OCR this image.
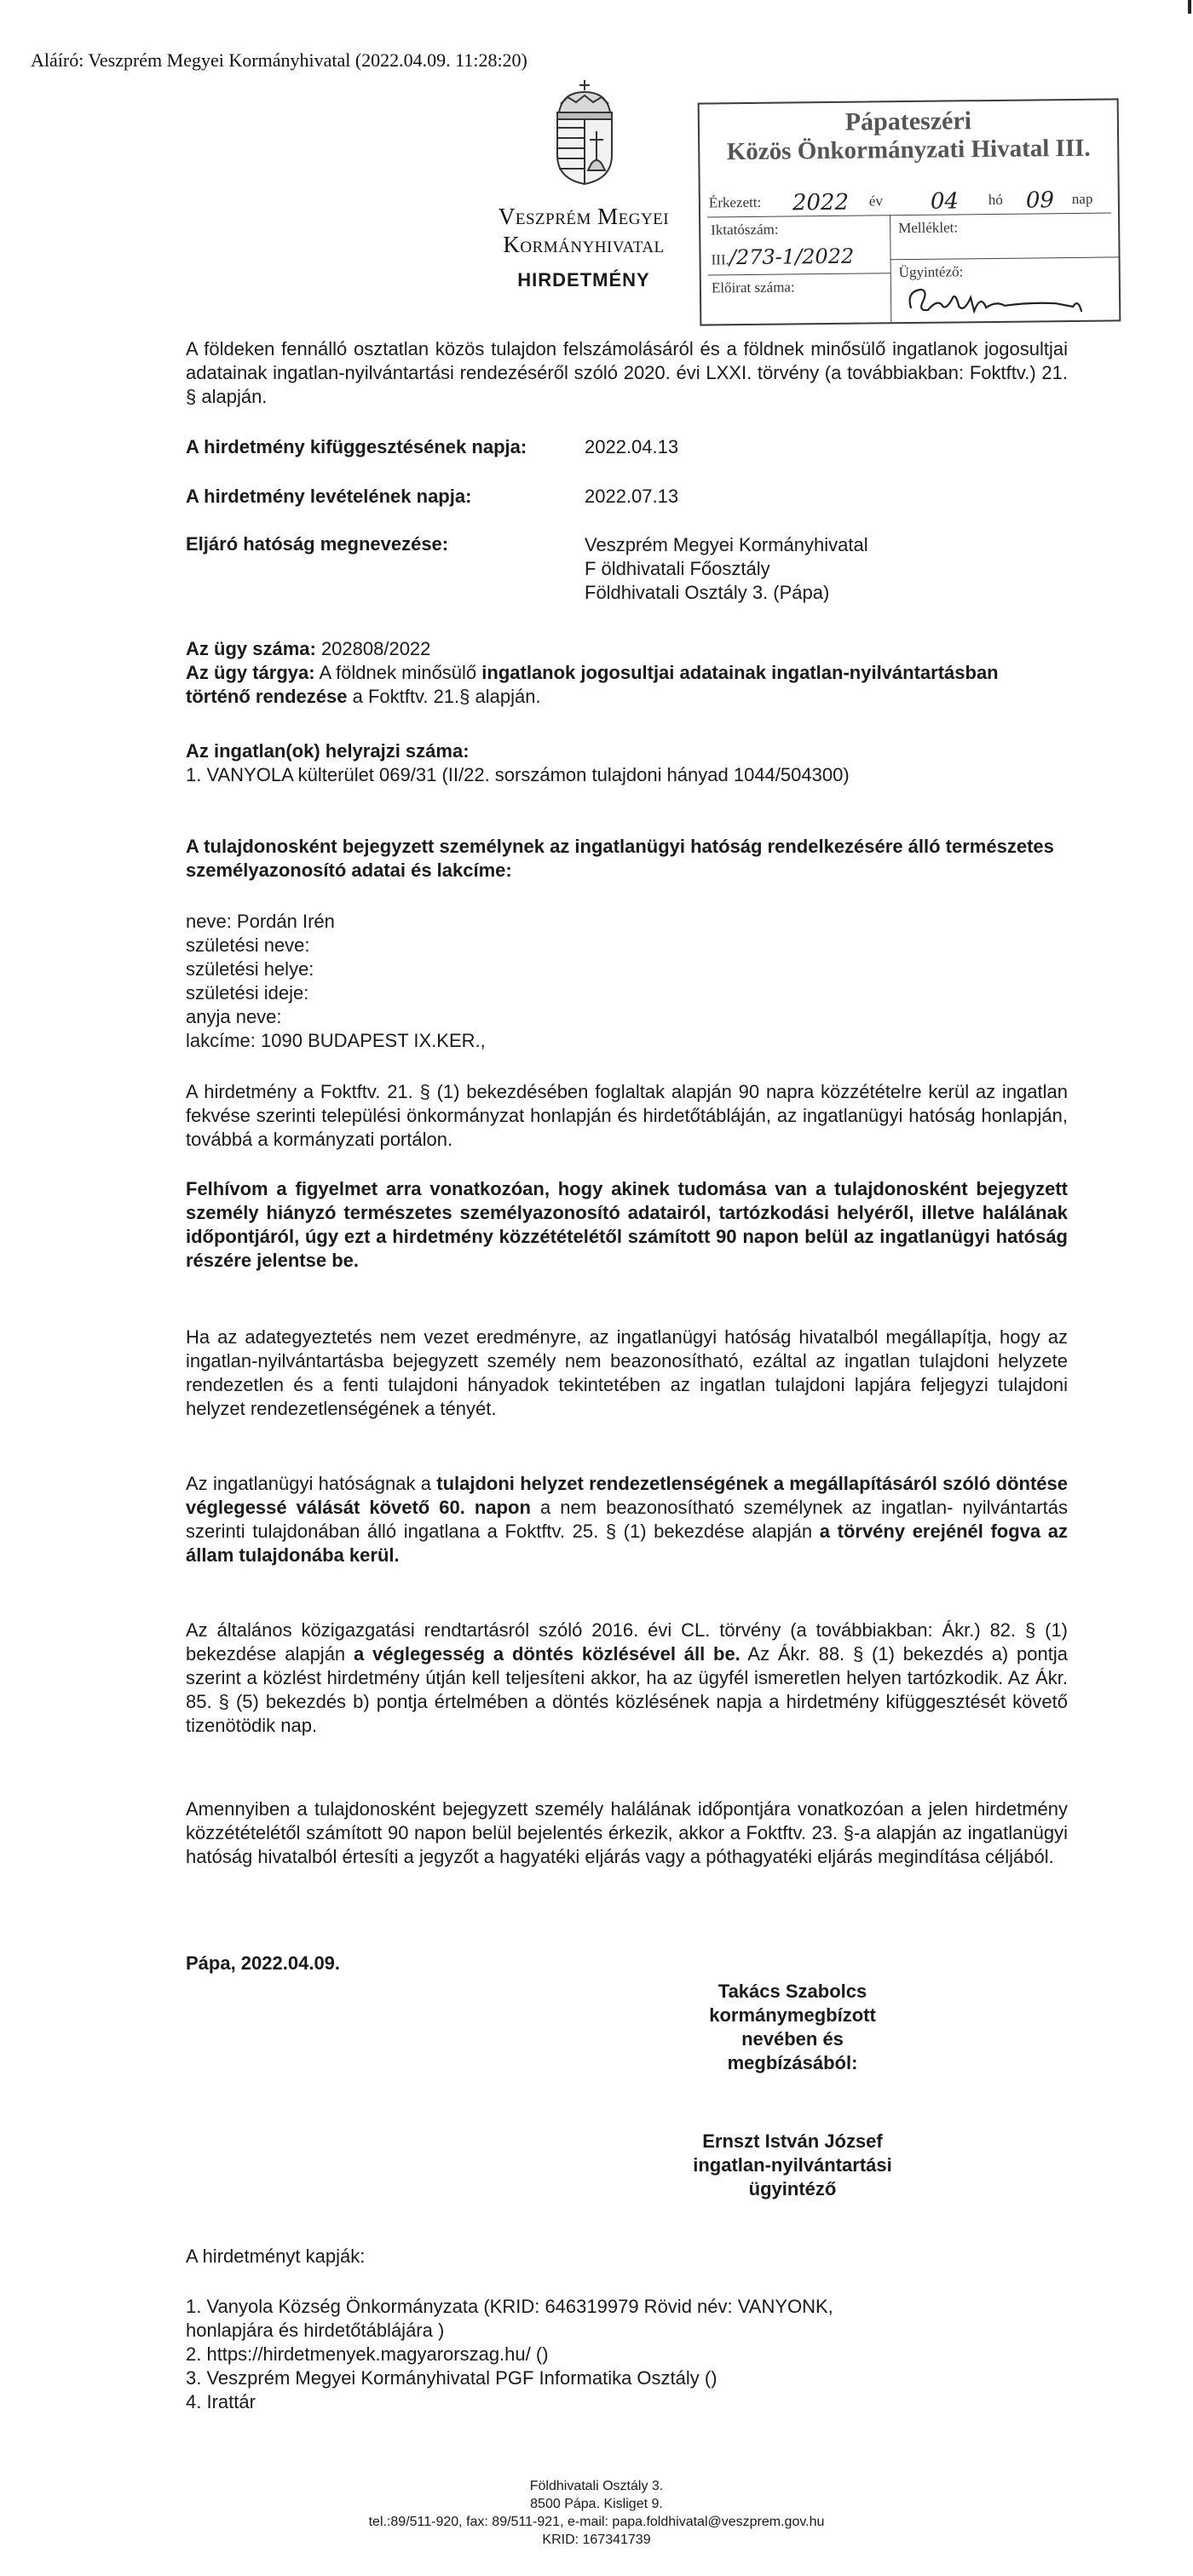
Aláíró: Veszprém Megyei Kormányhivatal (2022.04.09. 11:28:20)
Veszprém Megyei
Kormányhivatal
HIRDETMÉNY
Pápateszéri
Közös Önkormányzati Hivatal III.
Érkezett: 2022 év 04 hó 09 nap
Iktatószám:
III./273-1/2022
Előirat száma:
Melléklet:
Ügyintéző:
A földeken fennálló osztatlan közös tulajdon felszámolásáról és a földnek minősülő ingatlanok jogosultjai adatainak ingatlan-nyilvántartási rendezéséről szóló 2020. évi LXXI. törvény (a továbbiakban: Foktftv.) 21. § alapján.
A hirdetmény kifüggesztésének napja:	2022.04.13
A hirdetmény levételének napja:	2022.07.13
Eljáró hatóság megnevezése:	Veszprém Megyei Kormányhivatal
F öldhivatali Főosztály
Földhivatali Osztály 3. (Pápa)
Az ügy száma: 202808/2022
Az ügy tárgya: A földnek minősülő ingatlanok jogosultjai adatainak ingatlan-nyilvántartásban történő rendezése a Foktftv. 21.§ alapján.
Az ingatlan(ok) helyrajzi száma:
1. VANYOLA külterület 069/31 (II/22. sorszámon tulajdoni hányad 1044/504300)
A tulajdonosként bejegyzett személynek az ingatlanügyi hatóság rendelkezésére álló természetes személyazonosító adatai és lakcíme:
neve: Pordán Irén
születési neve:
születési helye:
születési ideje:
anyja neve:
lakcíme: 1090 BUDAPEST IX.KER.,
A hirdetmény a Foktftv. 21. § (1) bekezdésében foglaltak alapján 90 napra közzétételre kerül az ingatlan fekvése szerinti települési önkormányzat honlapján és hirdetőtábláján, az ingatlanügyi hatóság honlapján, továbbá a kormányzati portálon.
Felhívom a figyelmet arra vonatkozóan, hogy akinek tudomása van a tulajdonosként bejegyzett személy hiányzó természetes személyazonosító adatairól, tartózkodási helyéről, illetve halálának időpontjáról, úgy ezt a hirdetmény közzétételétől számított 90 napon belül az ingatlanügyi hatóság részére jelentse be.
Ha az adategyeztetés nem vezet eredményre, az ingatlanügyi hatóság hivatalból megállapítja, hogy az ingatlan-nyilvántartásba bejegyzett személy nem beazonosítható, ezáltal az ingatlan tulajdoni helyzete rendezetlen és a fenti tulajdoni hányadok tekintetében az ingatlan tulajdoni lapjára feljegyzi tulajdoni helyzet rendezetlenségének a tényét.
Az ingatlanügyi hatóságnak a tulajdoni helyzet rendezetlenségének a megállapításáról szóló döntése véglegessé válását követő 60. napon a nem beazonosítható személynek az ingatlan- nyilvántartás szerinti tulajdonában álló ingatlana a Foktftv. 25. § (1) bekezdése alapján a törvény erejénél fogva az állam tulajdonába kerül.
Az általános közigazgatási rendtartásról szóló 2016. évi CL. törvény (a továbbiakban: Ákr.) 82. § (1) bekezdése alapján a véglegesség a döntés közlésével áll be. Az Ákr. 88. § (1) bekezdés a) pontja szerint a közlést hirdetmény útján kell teljesíteni akkor, ha az ügyfél ismeretlen helyen tartózkodik. Az Ákr. 85. § (5) bekezdés b) pontja értelmében a döntés közlésének napja a hirdetmény kifüggesztését követő tizenötödik nap.
Amennyiben a tulajdonosként bejegyzett személy halálának időpontjára vonatkozóan a jelen hirdetmény közzétételétől számított 90 napon belül bejelentés érkezik, akkor a Foktftv. 23. §-a alapján az ingatlanügyi hatóság hivatalból értesíti a jegyzőt a hagyatéki eljárás vagy a póthagyatéki eljárás megindítása céljából.
Pápa, 2022.04.09.
Takács Szabolcs
kormánymegbízott
nevében és
megbízásából:
Ernszt István József
ingatlan-nyilvántartási
ügyintéző
A hirdetményt kapják:
1. Vanyola Község Önkormányzata (KRID: 646319979 Rövid név: VANYONK,
honlapjára és hirdetőtáblájára )
2. https://hirdetmenyek.magyarorszag.hu/ ()
3. Veszprém Megyei Kormányhivatal PGF Informatika Osztály ()
4. Irattár
Földhivatali Osztály 3.
8500 Pápa. Kisliget 9.
tel.:89/511-920, fax: 89/511-921, e-mail: papa.foldhivatal@veszprem.gov.hu
KRID: 167341739
